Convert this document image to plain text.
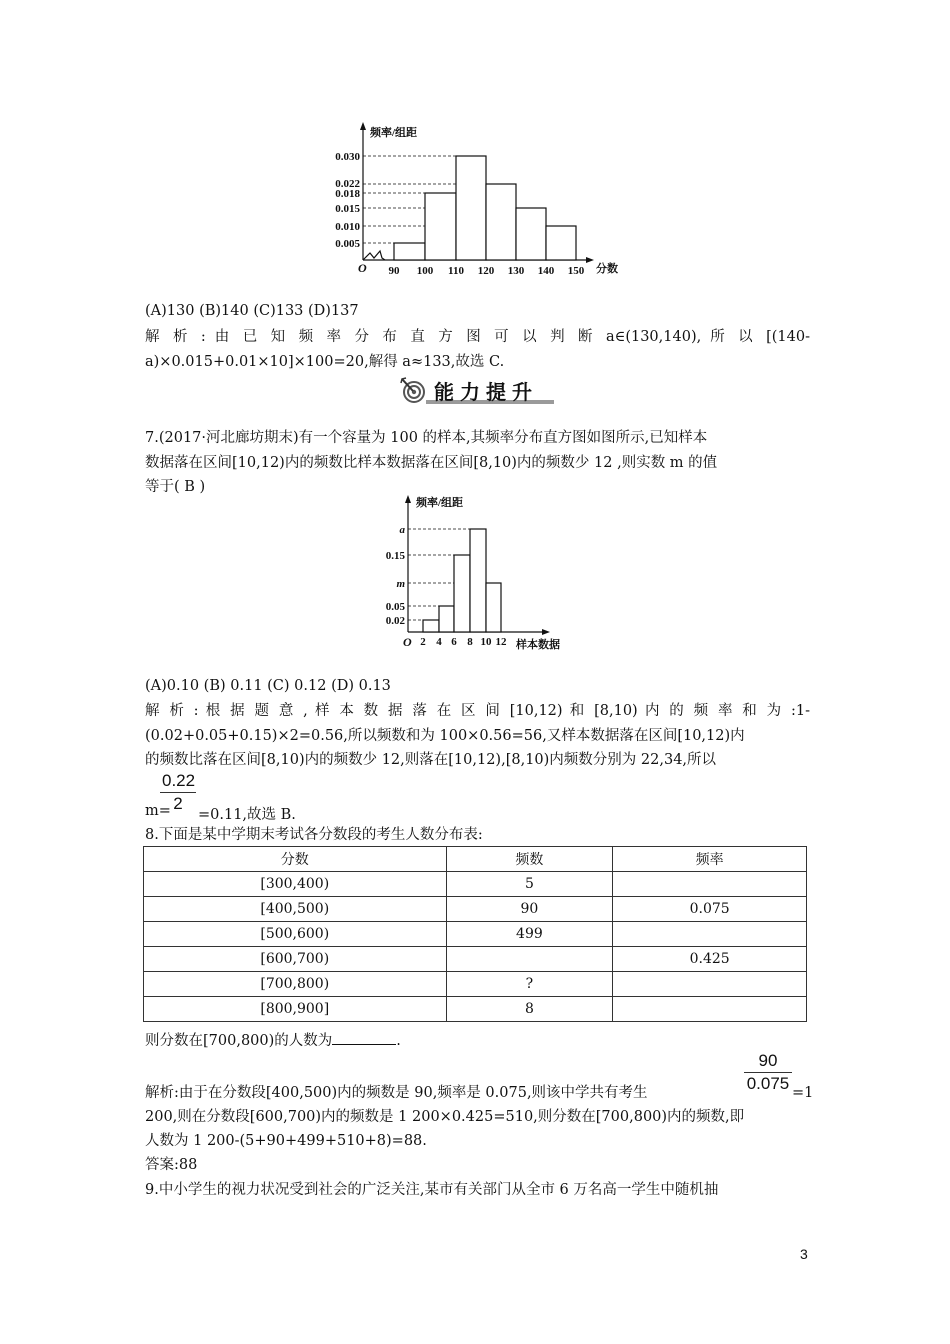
0.030
0.022
0.018
0.015
0.010
0.005
频率/组距
O 90 100 110 120 130 140 150 分数
(A)130 (B)140 (C)133 (D)137
解 析 : 由 已 知 频 率 分 布 直 方 图 可 以 判 断 a∈(130,140), 所 以 [(140-
a)×0.015+0.01×10]×100=20,解得 a≈133,故选 C.
能力提升
7.(2017·河北廊坊期末)有一个容量为 100 的样本,其频率分布直方图如图所示,已知样本
数据落在区间[10,12)内的频数比样本数据落在区间[8,10)内的频数少 12 ,则实数 m 的值
等于( B )
a
0.15
m
0.05
0.02
频率/组距
O 2 4 6 8 10 12 样本数据
(A)0.10 (B) 0.11 (C) 0.12 (D) 0.13
解 析 : 根 据 题 意 , 样 本 数 据 落 在 区 间 [10,12) 和 [8,10) 内 的 频 率 和 为 :1-
(0.02+0.05+0.15)×2=0.56,所以频数和为 100×0.56=56,又样本数据落在区间[10,12)内
的频数比落在区间[8,10)内的频数少 12,则落在[10,12),[8,10)内频数分别为 22,34,所以
m=
$\frac{0.22}{2} =0.11$,故选 B.
8.下面是某中学期末考试各分数段的考生人数分布表:
分数	频数	频率
[300,400)	5	
[400,500)	90	0.075
[500,600)	499	
[600,700)		0.425
[700,800)	?	
[800,900]	8	
则分数在[700,800)的人数为	.
$\frac{90}{0.075}$
解析:由于在分数段[400,500)内的频数是 90,频率是 0.075,则该中学共有考生	=1
200,则在分数段[600,700)内的频数是 1 200×0.425=510,则分数在[700,800)内的频数,即
人数为 1 200-(5+90+499+510+8)=88.
答案:88
9.中小学生的视力状况受到社会的广泛关注,某市有关部门从全市 6 万名高一学生中随机抽
3
